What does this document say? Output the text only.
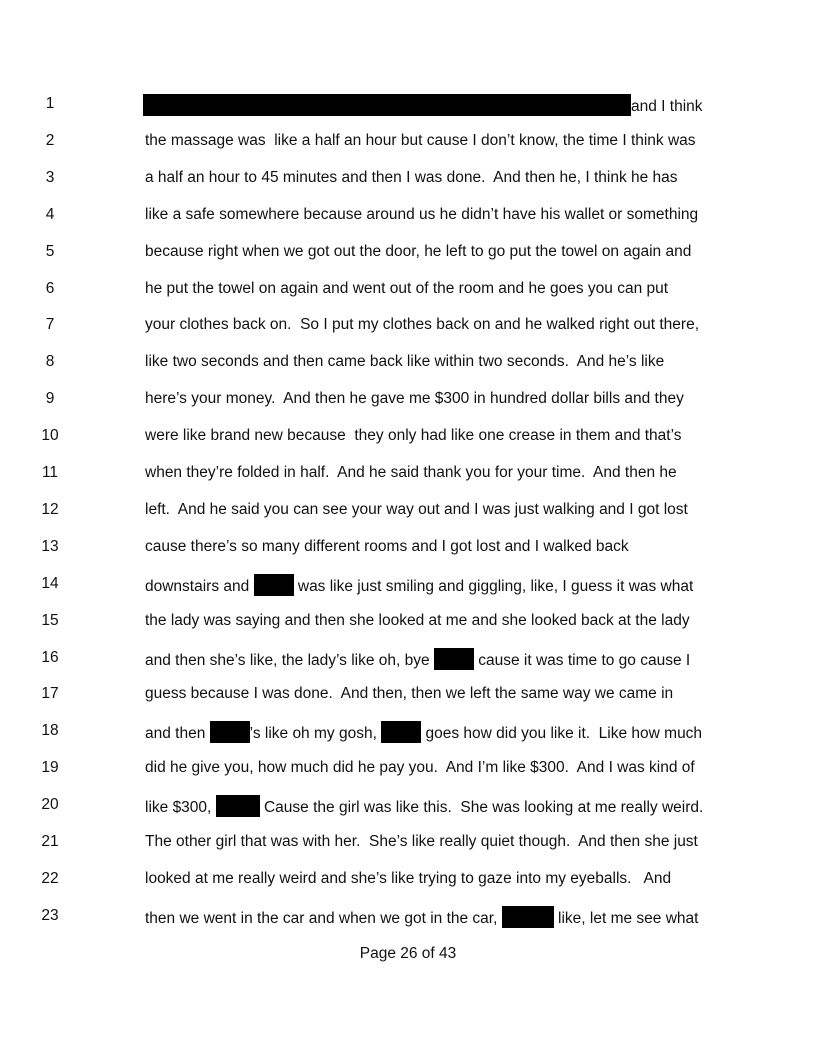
1	and I think
2	the massage was  like a half an hour but cause I don’t know, the time I think was
3	a half an hour to 45 minutes and then I was done.  And then he, I think he has
4	like a safe somewhere because around us he didn’t have his wallet or something
5	because right when we got out the door, he left to go put the towel on again and
6	he put the towel on again and went out of the room and he goes you can put
7	your clothes back on.  So I put my clothes back on and he walked right out there,
8	like two seconds and then came back like within two seconds.  And he’s like
9	here’s your money.  And then he gave me $300 in hundred dollar bills and they
10	were like brand new because  they only had like one crease in them and that’s
11	when they’re folded in half.  And he said thank you for your time.  And then he
12	left.  And he said you can see your way out and I was just walking and I got lost
13	cause there’s so many different rooms and I got lost and I walked back
14	downstairs and	was like just smiling and giggling, like, I guess it was what
15	the lady was saying and then she looked at me and she looked back at the lady
16	and then she’s like, the lady’s like oh, bye	cause it was time to go cause I
17	guess because I was done.  And then, then we left the same way we came in
18	and then	’s like oh my gosh,	goes how did you like it.  Like how much
19	did he give you, how much did he pay you.  And I’m like $300.  And I was kind of
20	like $300,	Cause the girl was like this.  She was looking at me really weird.
21	The other girl that was with her.  She’s like really quiet though.  And then she just
22	looked at me really weird and she’s like trying to gaze into my eyeballs.   And
23	then we went in the car and when we got in the car,	like, let me see what
Page 26 of 43
